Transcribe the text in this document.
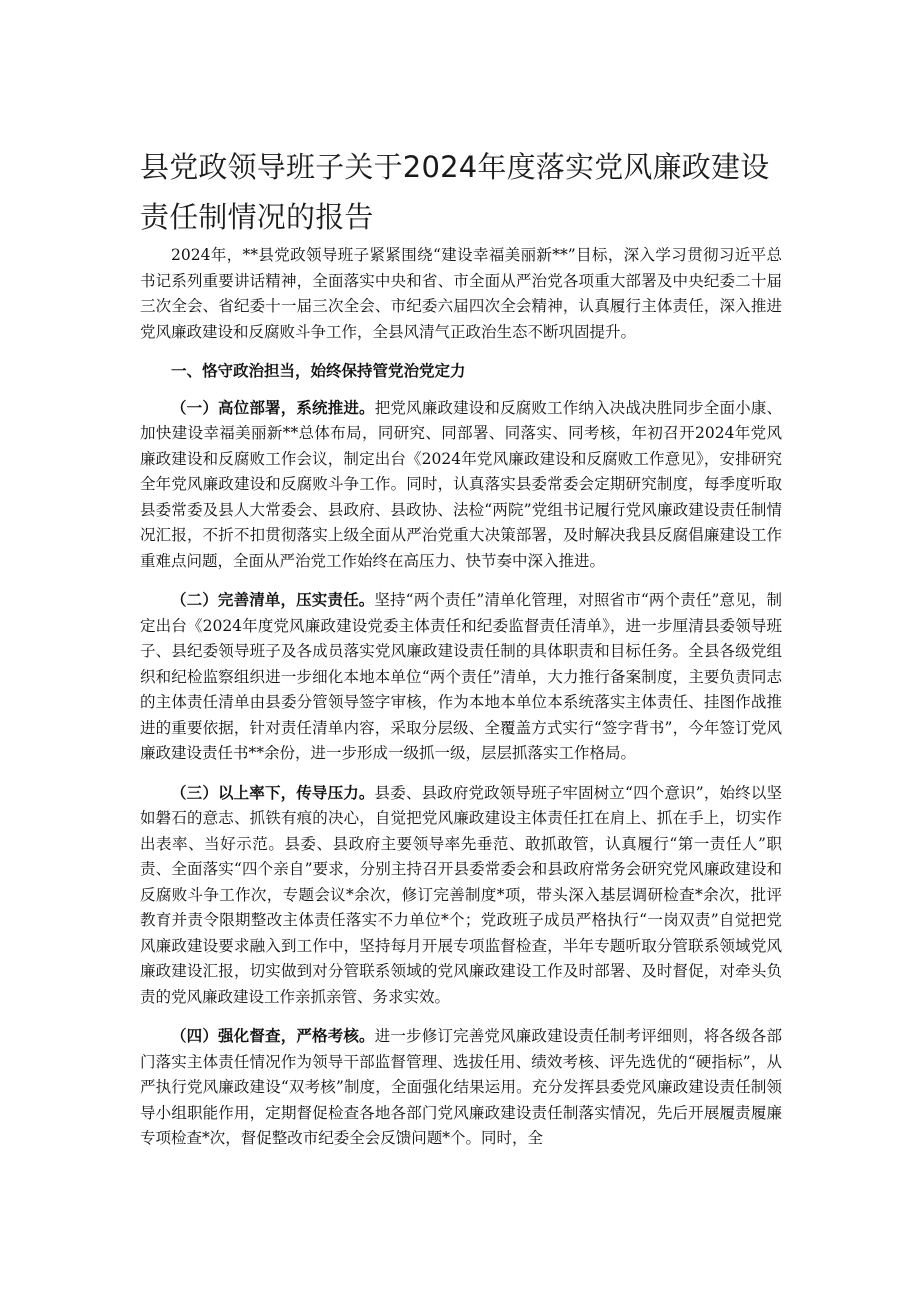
县党政领导班子关于2024年度落实党风廉政建设责任制情况的报告

2024年，**县党政领导班子紧紧围绕“建设幸福美丽新**”目标，深入学习贯彻习近平总书记系列重要讲话精神，全面落实中央和省、市全面从严治党各项重大部署及中央纪委二十届三次全会、省纪委十一届三次全会、市纪委六届四次全会精神，认真履行主体责任，深入推进党风廉政建设和反腐败斗争工作，全县风清气正政治生态不断巩固提升。

一、恪守政治担当，始终保持管党治党定力

（一）高位部署，系统推进。把党风廉政建设和反腐败工作纳入决战决胜同步全面小康、加快建设幸福美丽新**总体布局，同研究、同部署、同落实、同考核，年初召开2024年党风廉政建设和反腐败工作会议，制定出台《2024年党风廉政建设和反腐败工作意见》，安排研究全年党风廉政建设和反腐败斗争工作。同时，认真落实县委常委会定期研究制度，每季度听取县委常委及县人大常委会、县政府、县政协、法检“两院”党组书记履行党风廉政建设责任制情况汇报，不折不扣贯彻落实上级全面从严治党重大决策部署，及时解决我县反腐倡廉建设工作重难点问题，全面从严治党工作始终在高压力、快节奏中深入推进。

（二）完善清单，压实责任。坚持“两个责任”清单化管理，对照省市“两个责任”意见，制定出台《2024年度党风廉政建设党委主体责任和纪委监督责任清单》，进一步厘清县委领导班子、县纪委领导班子及各成员落实党风廉政建设责任制的具体职责和目标任务。全县各级党组织和纪检监察组织进一步细化本地本单位“两个责任”清单，大力推行备案制度，主要负责同志的主体责任清单由县委分管领导签字审核，作为本地本单位本系统落实主体责任、挂图作战推进的重要依据，针对责任清单内容，采取分层级、全覆盖方式实行“签字背书”，今年签订党风廉政建设责任书**余份，进一步形成一级抓一级，层层抓落实工作格局。

（三）以上率下，传导压力。县委、县政府党政领导班子牢固树立“四个意识”，始终以坚如磐石的意志、抓铁有痕的决心，自觉把党风廉政建设主体责任扛在肩上、抓在手上，切实作出表率、当好示范。县委、县政府主要领导率先垂范、敢抓敢管，认真履行“第一责任人”职责、全面落实“四个亲自”要求，分别主持召开县委常委会和县政府常务会研究党风廉政建设和反腐败斗争工作次，专题会议*余次，修订完善制度*项，带头深入基层调研检查*余次，批评教育并责令限期整改主体责任落实不力单位*个；党政班子成员严格执行“一岗双责”自觉把党风廉政建设要求融入到工作中，坚持每月开展专项监督检查，半年专题听取分管联系领域党风廉政建设汇报，切实做到对分管联系领域的党风廉政建设工作及时部署、及时督促，对牵头负责的党风廉政建设工作亲抓亲管、务求实效。

（四）强化督查，严格考核。进一步修订完善党风廉政建设责任制考评细则，将各级各部门落实主体责任情况作为领导干部监督管理、选拔任用、绩效考核、评先选优的“硬指标”，从严执行党风廉政建设“双考核”制度，全面强化结果运用。充分发挥县委党风廉政建设责任制领导小组职能作用，定期督促检查各地各部门党风廉政建设责任制落实情况，先后开展履责履廉专项检查*次，督促整改市纪委全会反馈问题*个。同时，全
